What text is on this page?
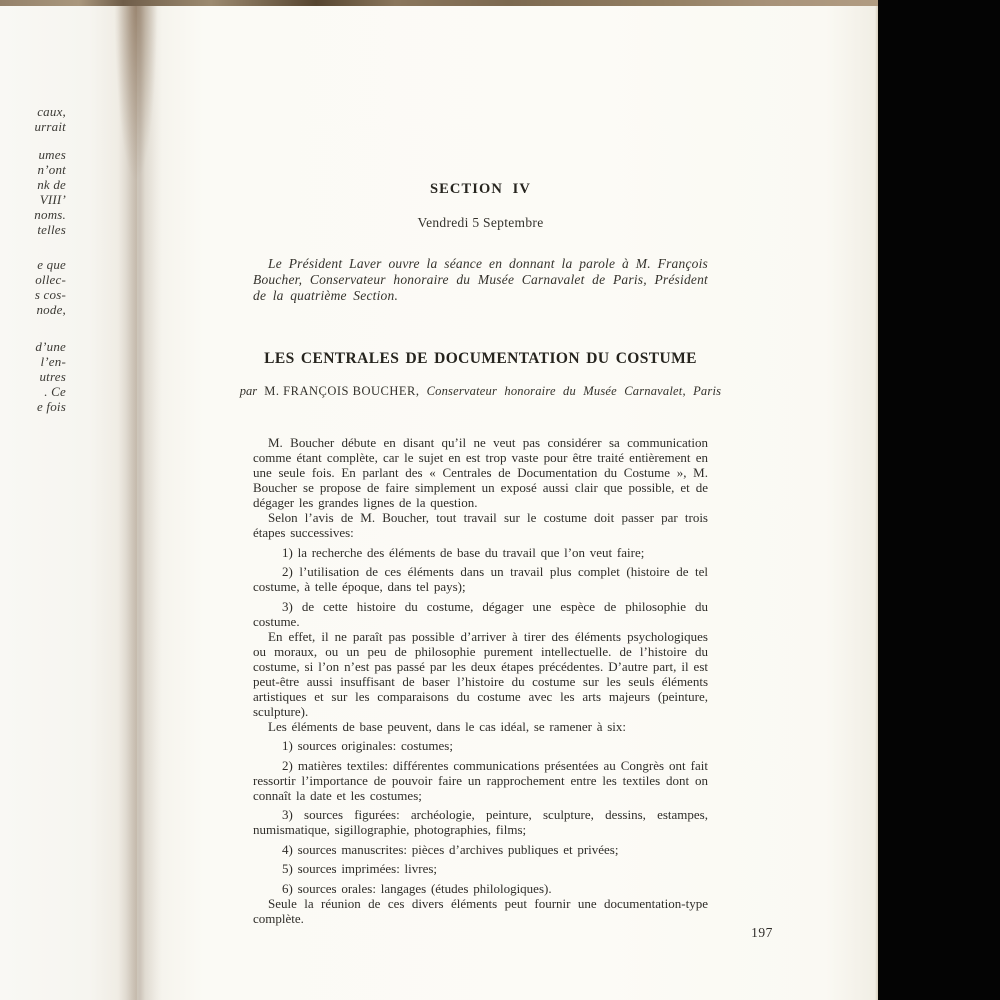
caux,
urrait
umes
n’ont
nk de
VIII’
noms.
telles
e que
ollec-
s cos-
node,
d’une
l’en-
utres
. Ce
e fois
SECTION IV
Vendredi 5 Septembre

Le Président Laver ouvre la séance en donnant la parole à M. François Boucher, Conservateur honoraire du Musée Carnavalet de Paris, Président de la quatrième Section.

LES CENTRALES DE DOCUMENTATION DU COSTUME
par M. FRANÇOIS BOUCHER, Conservateur honoraire du Musée Carnavalet, Paris

M. Boucher débute en disant qu’il ne veut pas considérer sa communication comme étant complète, car le sujet en est trop vaste pour être traité entièrement en une seule fois. En parlant des « Centrales de Documentation du Costume », M. Boucher se propose de faire simplement un exposé aussi clair que possible, et de dégager les grandes lignes de la question.

Selon l’avis de M. Boucher, tout travail sur le costume doit passer par trois étapes successives:

1) la recherche des éléments de base du travail que l’on veut faire;

2) l’utilisation de ces éléments dans un travail plus complet (histoire de tel costume, à telle époque, dans tel pays);

3) de cette histoire du costume, dégager une espèce de philosophie du costume.

En effet, il ne paraît pas possible d’arriver à tirer des éléments psychologiques ou moraux, ou un peu de philosophie purement intellectuelle. de l’histoire du costume, si l’on n’est pas passé par les deux étapes précédentes. D’autre part, il est peut-être aussi insuffisant de baser l’histoire du costume sur les seuls éléments artistiques et sur les comparaisons du costume avec les arts majeurs (peinture, sculpture).

Les éléments de base peuvent, dans le cas idéal, se ramener à six:

1) sources originales: costumes;

2) matières textiles: différentes communications présentées au Congrès ont fait ressortir l’importance de pouvoir faire un rapprochement entre les textiles dont on connaît la date et les costumes;

3) sources figurées: archéologie, peinture, sculpture, dessins, estampes, numismatique, sigillographie, photographies, films;

4) sources manuscrites: pièces d’archives publiques et privées;

5) sources imprimées: livres;

6) sources orales: langages (études philologiques).

Seule la réunion de ces divers éléments peut fournir une documentation-type complète.

197
